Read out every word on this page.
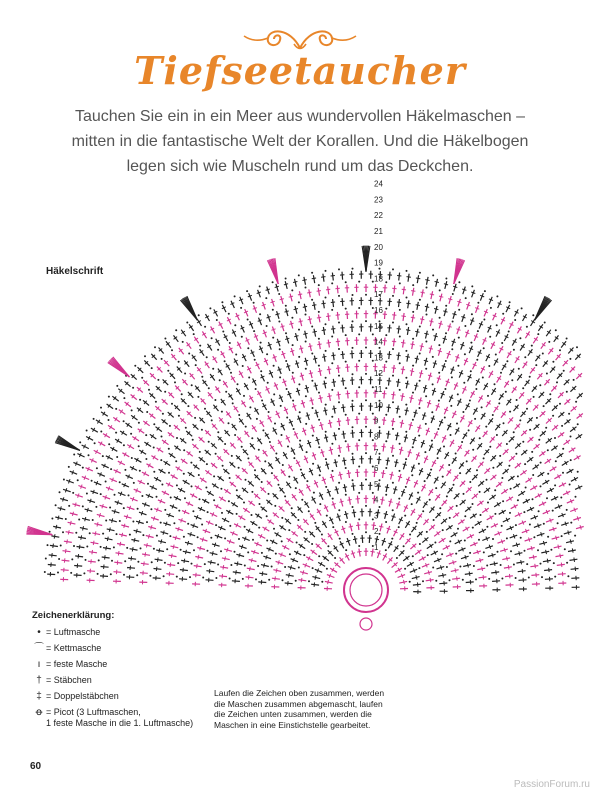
Tiefseetaucher
Tauchen Sie ein in ein Meer aus wundervollen Häkelmaschen –
mitten in die fantastische Welt der Korallen. Und die Häkelbogen
legen sich wie Muscheln rund um das Deckchen.
1
2
3
4
5
6
7
8
9
10
11
12
13
14
15
16
17
18
19
20
21
22
23
24
Häkelschrift
Zeichenerklärung:
• = Luftmasche
⌒ = Kettmasche
ı = feste Masche
† = Stäbchen
‡ = Doppelstäbchen
ꝋ = Picot (3 Luftmaschen,
1 feste Masche in die 1. Luftmasche)
Laufen die Zeichen oben zusammen, werden
die Maschen zusammen abgemascht, laufen
die Zeichen unten zusammen, werden die
Maschen in eine Einstichstelle gearbeitet.
60
PassionForum.ru
